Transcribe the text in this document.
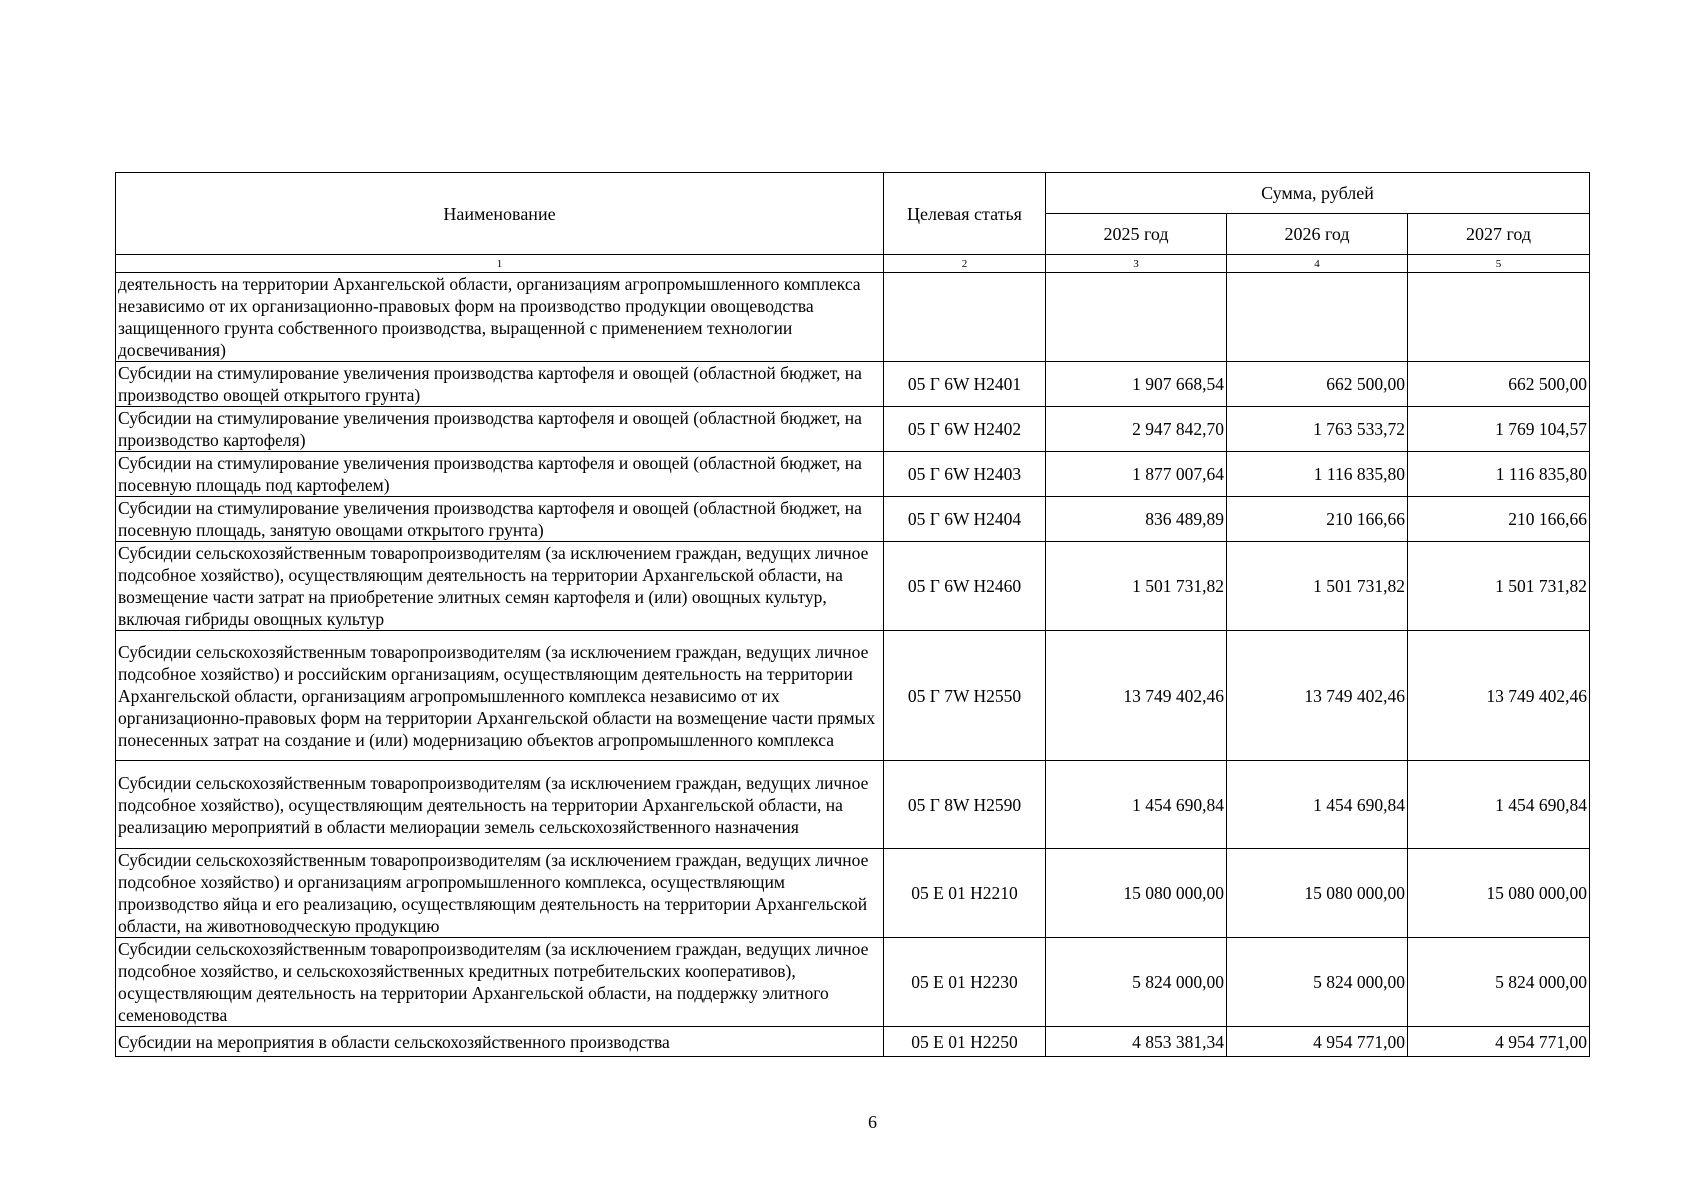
Наименование	Целевая статья	Сумма, рублей		
		2025 год	2026 год	2027 год
1	2	3	4	5
деятельность на территории Архангельской области, организациям агропромышленного комплекса независимо от их организационно-правовых форм на производство продукции овощеводства защищенного грунта собственного производства, выращенной с применением технологии досвечивания)				
Субсидии на стимулирование увеличения производства картофеля и овощей (областной бюджет, на производство овощей открытого грунта)	05 Г 6W Н2401	1 907 668,54	662 500,00	662 500,00
Субсидии на стимулирование увеличения производства картофеля и овощей (областной бюджет, на производство картофеля)	05 Г 6W Н2402	2 947 842,70	1 763 533,72	1 769 104,57
Субсидии на стимулирование увеличения производства картофеля и овощей (областной бюджет, на посевную площадь под картофелем)	05 Г 6W Н2403	1 877 007,64	1 116 835,80	1 116 835,80
Субсидии на стимулирование увеличения производства картофеля и овощей (областной бюджет, на посевную площадь, занятую овощами открытого грунта)	05 Г 6W Н2404	836 489,89	210 166,66	210 166,66
Субсидии сельскохозяйственным товаропроизводителям (за исключением граждан, ведущих личное подсобное хозяйство), осуществляющим деятельность на территории Архангельской области, на возмещение части затрат на приобретение элитных семян картофеля и (или) овощных культур, включая гибриды овощных культур	05 Г 6W Н2460	1 501 731,82	1 501 731,82	1 501 731,82
Субсидии сельскохозяйственным товаропроизводителям (за исключением граждан, ведущих личное подсобное хозяйство) и российским организациям, осуществляющим деятельность на территории Архангельской области, организациям агропромышленного комплекса независимо от их организационно-правовых форм на территории Архангельской области на возмещение части прямых понесенных затрат на создание и (или) модернизацию объектов агропромышленного комплекса	05 Г 7W Н2550	13 749 402,46	13 749 402,46	13 749 402,46
Субсидии сельскохозяйственным товаропроизводителям (за исключением граждан, ведущих личное подсобное хозяйство), осуществляющим деятельность на территории Архангельской области, на реализацию мероприятий в области мелиорации земель сельскохозяйственного назначения	05 Г 8W Н2590	1 454 690,84	1 454 690,84	1 454 690,84
Субсидии сельскохозяйственным товаропроизводителям (за исключением граждан, ведущих личное подсобное хозяйство) и организациям агропромышленного комплекса, осуществляющим производство яйца и его реализацию, осуществляющим деятельность на территории Архангельской области, на животноводческую продукцию	05 Е 01 Н2210	15 080 000,00	15 080 000,00	15 080 000,00
Субсидии сельскохозяйственным товаропроизводителям (за исключением граждан, ведущих личное подсобное хозяйство, и сельскохозяйственных кредитных потребительских кооперативов), осуществляющим деятельность на территории Архангельской области, на поддержку элитного семеноводства	05 Е 01 Н2230	5 824 000,00	5 824 000,00	5 824 000,00
Субсидии на мероприятия в области сельскохозяйственного производства	05 Е 01 Н2250	4 853 381,34	4 954 771,00	4 954 771,00
6
